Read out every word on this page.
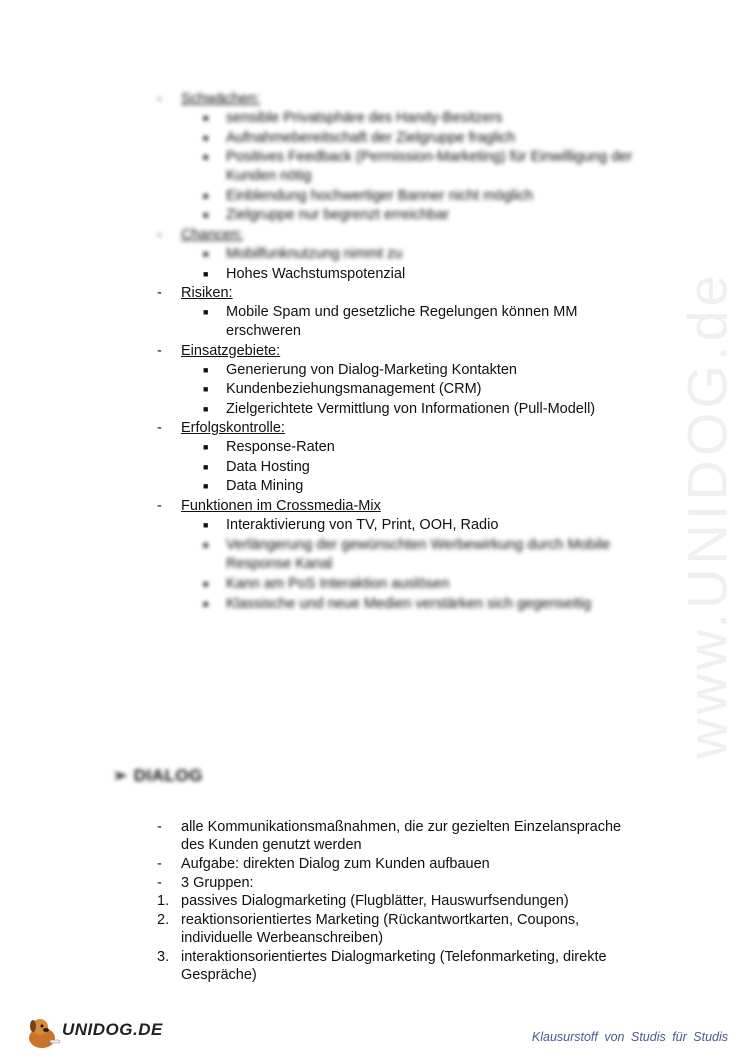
www.UNIDOG.de
- Schwächen:
■ sensible Privatsphäre des Handy-Besitzers
■ Aufnahmebereitschaft der Zielgruppe fraglich
■ Positives Feedback (Permission-Marketing) für Einwilligung der
Kunden nötig
■ Einblendung hochwertiger Banner nicht möglich
■ Zielgruppe nur begrenzt erreichbar
- Chancen:
■ Mobilfunknutzung nimmt zu
■ Hohes Wachstumspotenzial
- Risiken:
■ Mobile Spam und gesetzliche Regelungen können MM
erschweren
- Einsatzgebiete:
■ Generierung von Dialog-Marketing Kontakten
■ Kundenbeziehungsmanagement (CRM)
■ Zielgerichtete Vermittlung von Informationen (Pull-Modell)
- Erfolgskontrolle:
■ Response-Raten
■ Data Hosting
■ Data Mining
- Funktionen im Crossmedia-Mix
■ Interaktivierung von TV, Print, OOH, Radio
■ Verlängerung der gewünschten Werbewirkung durch Mobile
Response Kanal
■ Kann am PoS Interaktion auslösen
■ Klassische und neue Medien verstärken sich gegenseitig
➢ DIALOG
- alle Kommunikationsmaßnahmen, die zur gezielten Einzelansprache
des Kunden genutzt werden
- Aufgabe: direkten Dialog zum Kunden aufbauen
- 3 Gruppen:
1. passives Dialogmarketing (Flugblätter, Hauswurfsendungen)
2. reaktionsorientiertes Marketing (Rückantwortkarten, Coupons,
individuelle Werbeanschreiben)
3. interaktionsorientiertes Dialogmarketing (Telefonmarketing, direkte
Gespräche)
UNIDOG.DE	Klausurstoff von Studis für Studis
